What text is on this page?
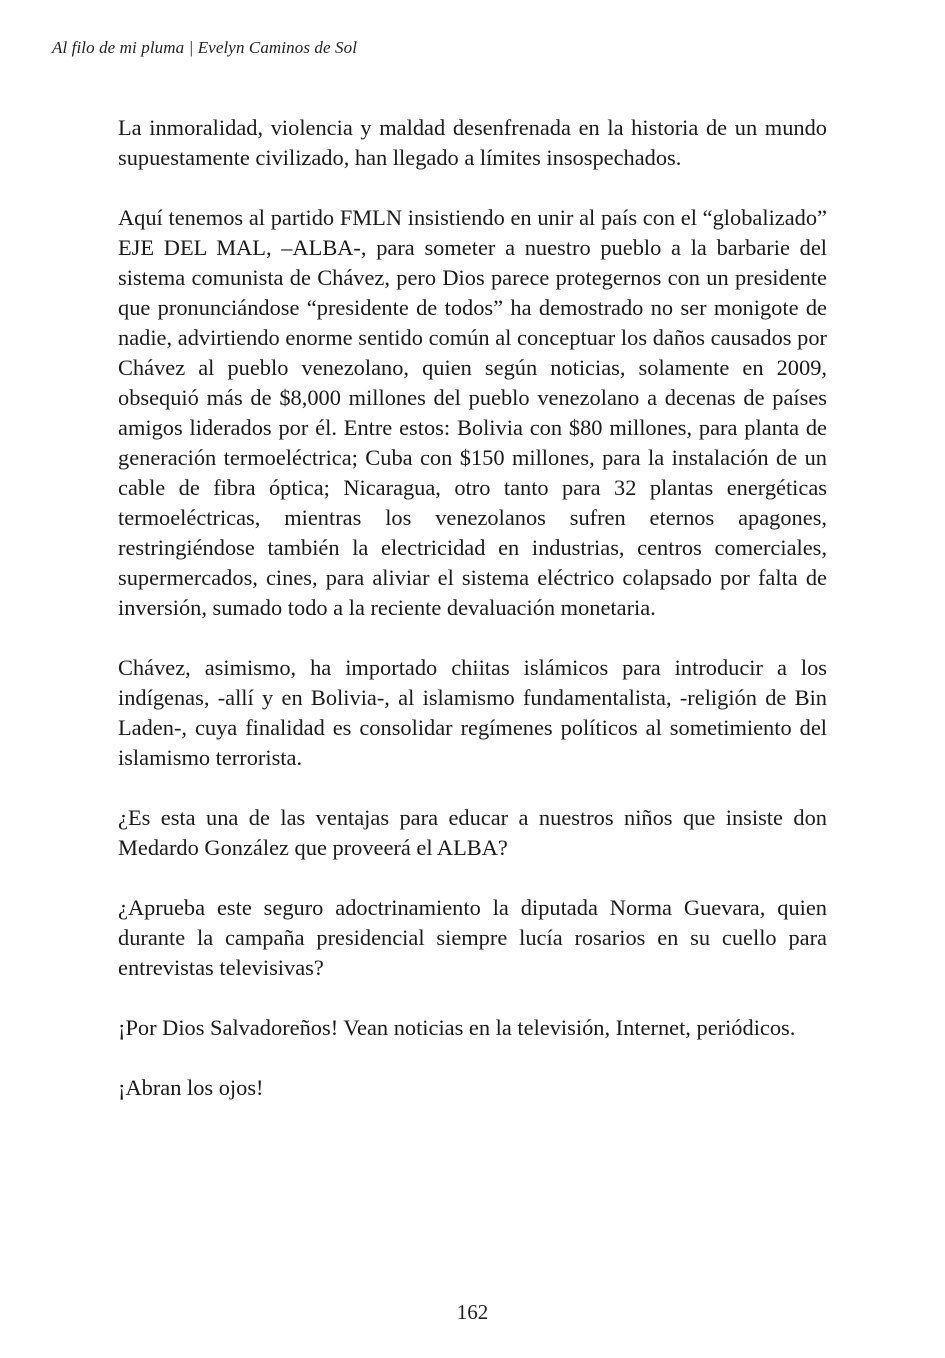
Al filo de mi pluma | Evelyn Caminos de Sol

La inmoralidad, violencia y maldad desenfrenada en la historia de un mundo supuestamente civilizado, han llegado a límites insospechados.

Aquí tenemos al partido FMLN insistiendo en unir al país con el “globalizado” EJE DEL MAL, –ALBA-, para someter a nuestro pueblo a la barbarie del sistema comunista de Chávez, pero Dios parece protegernos con un presidente que pronunciándose “presidente de todos” ha demostrado no ser monigote de nadie, advirtiendo enorme sentido común al conceptuar los daños causados por Chávez al pueblo venezolano, quien según noticias, solamente en 2009, obsequió más de $8,000 millones del pueblo venezolano a decenas de países amigos liderados por él. Entre estos: Bolivia con $80 millones, para planta de generación termoeléctrica; Cuba con $150 millones, para la instalación de un cable de fibra óptica; Nicaragua, otro tanto para 32 plantas energéticas termoeléctricas, mientras los venezolanos sufren eternos apagones, restringiéndose también la electricidad en industrias, centros comerciales, supermercados, cines, para aliviar el sistema eléctrico colapsado por falta de inversión, sumado todo a la reciente devaluación monetaria.

Chávez, asimismo, ha importado chiitas islámicos para introducir a los indígenas, -allí y en Bolivia-, al islamismo fundamentalista, -religión de Bin Laden-, cuya finalidad es consolidar regímenes políticos al sometimiento del islamismo terrorista.

¿Es esta una de las ventajas para educar a nuestros niños que insiste don Medardo González que proveerá el ALBA?

¿Aprueba este seguro adoctrinamiento la diputada Norma Guevara, quien durante la campaña presidencial siempre lucía rosarios en su cuello para entrevistas televisivas?

¡Por Dios Salvadoreños! Vean noticias en la televisión, Internet, periódicos.

¡Abran los ojos!

162
